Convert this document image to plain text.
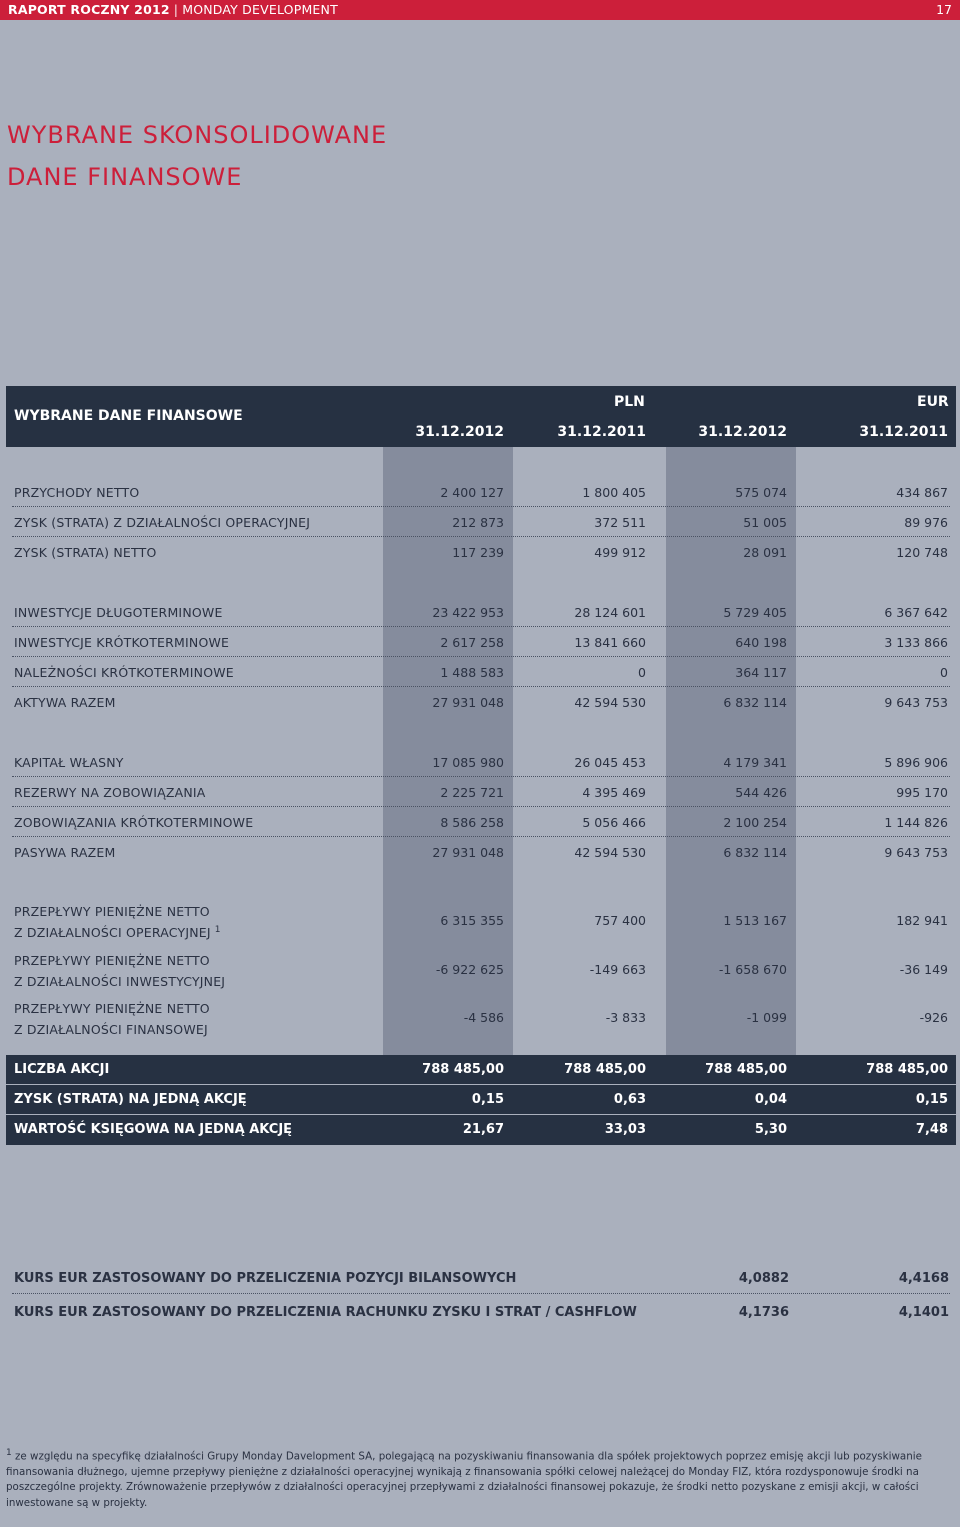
RAPORT ROCZNY 2012 | MONDAY DEVELOPMENT	17
WYBRANE SKONSOLIDOWANE
DANE FINANSOWE
WYBRANE DANE FINANSOWE
PLN	EUR
31.12.2012	31.12.2011	31.12.2012	31.12.2011
PRZYCHODY NETTO	2 400 127	1 800 405	575 074	434 867
ZYSK (STRATA) Z DZIAŁALNOŚCI OPERACYJNEJ	212 873	372 511	51 005	89 976
ZYSK (STRATA) NETTO	117 239	499 912	28 091	120 748
INWESTYCJE DŁUGOTERMINOWE	23 422 953	28 124 601	5 729 405	6 367 642
INWESTYCJE KRÓTKOTERMINOWE	2 617 258	13 841 660	640 198	3 133 866
NALEŻNOŚCI KRÓTKOTERMINOWE	1 488 583	0	364 117	0
AKTYWA RAZEM	27 931 048	42 594 530	6 832 114	9 643 753
KAPITAŁ WŁASNY	17 085 980	26 045 453	4 179 341	5 896 906
REZERWY NA ZOBOWIĄZANIA	2 225 721	4 395 469	544 426	995 170
ZOBOWIĄZANIA KRÓTKOTERMINOWE	8 586 258	5 056 466	2 100 254	1 144 826
PASYWA RAZEM	27 931 048	42 594 530	6 832 114	9 643 753
PRZEPŁYWY PIENIĘŻNE NETTO
Z DZIAŁALNOŚCI OPERACYJNEJ $^1$
6 315 355	757 400	1 513 167	182 941
PRZEPŁYWY PIENIĘŻNE NETTO
Z DZIAŁALNOŚCI INWESTYCYJNEJ
-6 922 625	-149 663	-1 658 670	-36 149
PRZEPŁYWY PIENIĘŻNE NETTO
Z DZIAŁALNOŚCI FINANSOWEJ
-4 586	-3 833	-1 099	-926
LICZBA AKCJI	788 485,00	788 485,00	788 485,00	788 485,00
ZYSK (STRATA) NA JEDNĄ AKCJĘ	0,15	0,63	0,04	0,15
WARTOŚĆ KSIĘGOWA NA JEDNĄ AKCJĘ	21,67	33,03	5,30	7,48
KURS EUR ZASTOSOWANY DO PRZELICZENIA POZYCJI BILANSOWYCH	4,0882	4,4168
KURS EUR ZASTOSOWANY DO PRZELICZENIA RACHUNKU ZYSKU I STRAT / CASHFLOW	4,1736	4,1401
$^1$ ze względu na specyfikę działalności Grupy Monday Davelopment SA, polegającą na pozyskiwaniu finansowania dla spółek projektowych poprzez emisję akcji lub pozyskiwanie finansowania dłużnego, ujemne przepływy pieniężne z działalności operacyjnej wynikają z finansowania spółki celowej należącej do Monday FIZ, która rozdysponowuje środki na poszczególne projekty. Zrównoważenie przepływów z działalności operacyjnej przepływami z działalności finansowej pokazuje, że środki netto pozyskane z emisji akcji, w całości inwestowane są w projekty.
